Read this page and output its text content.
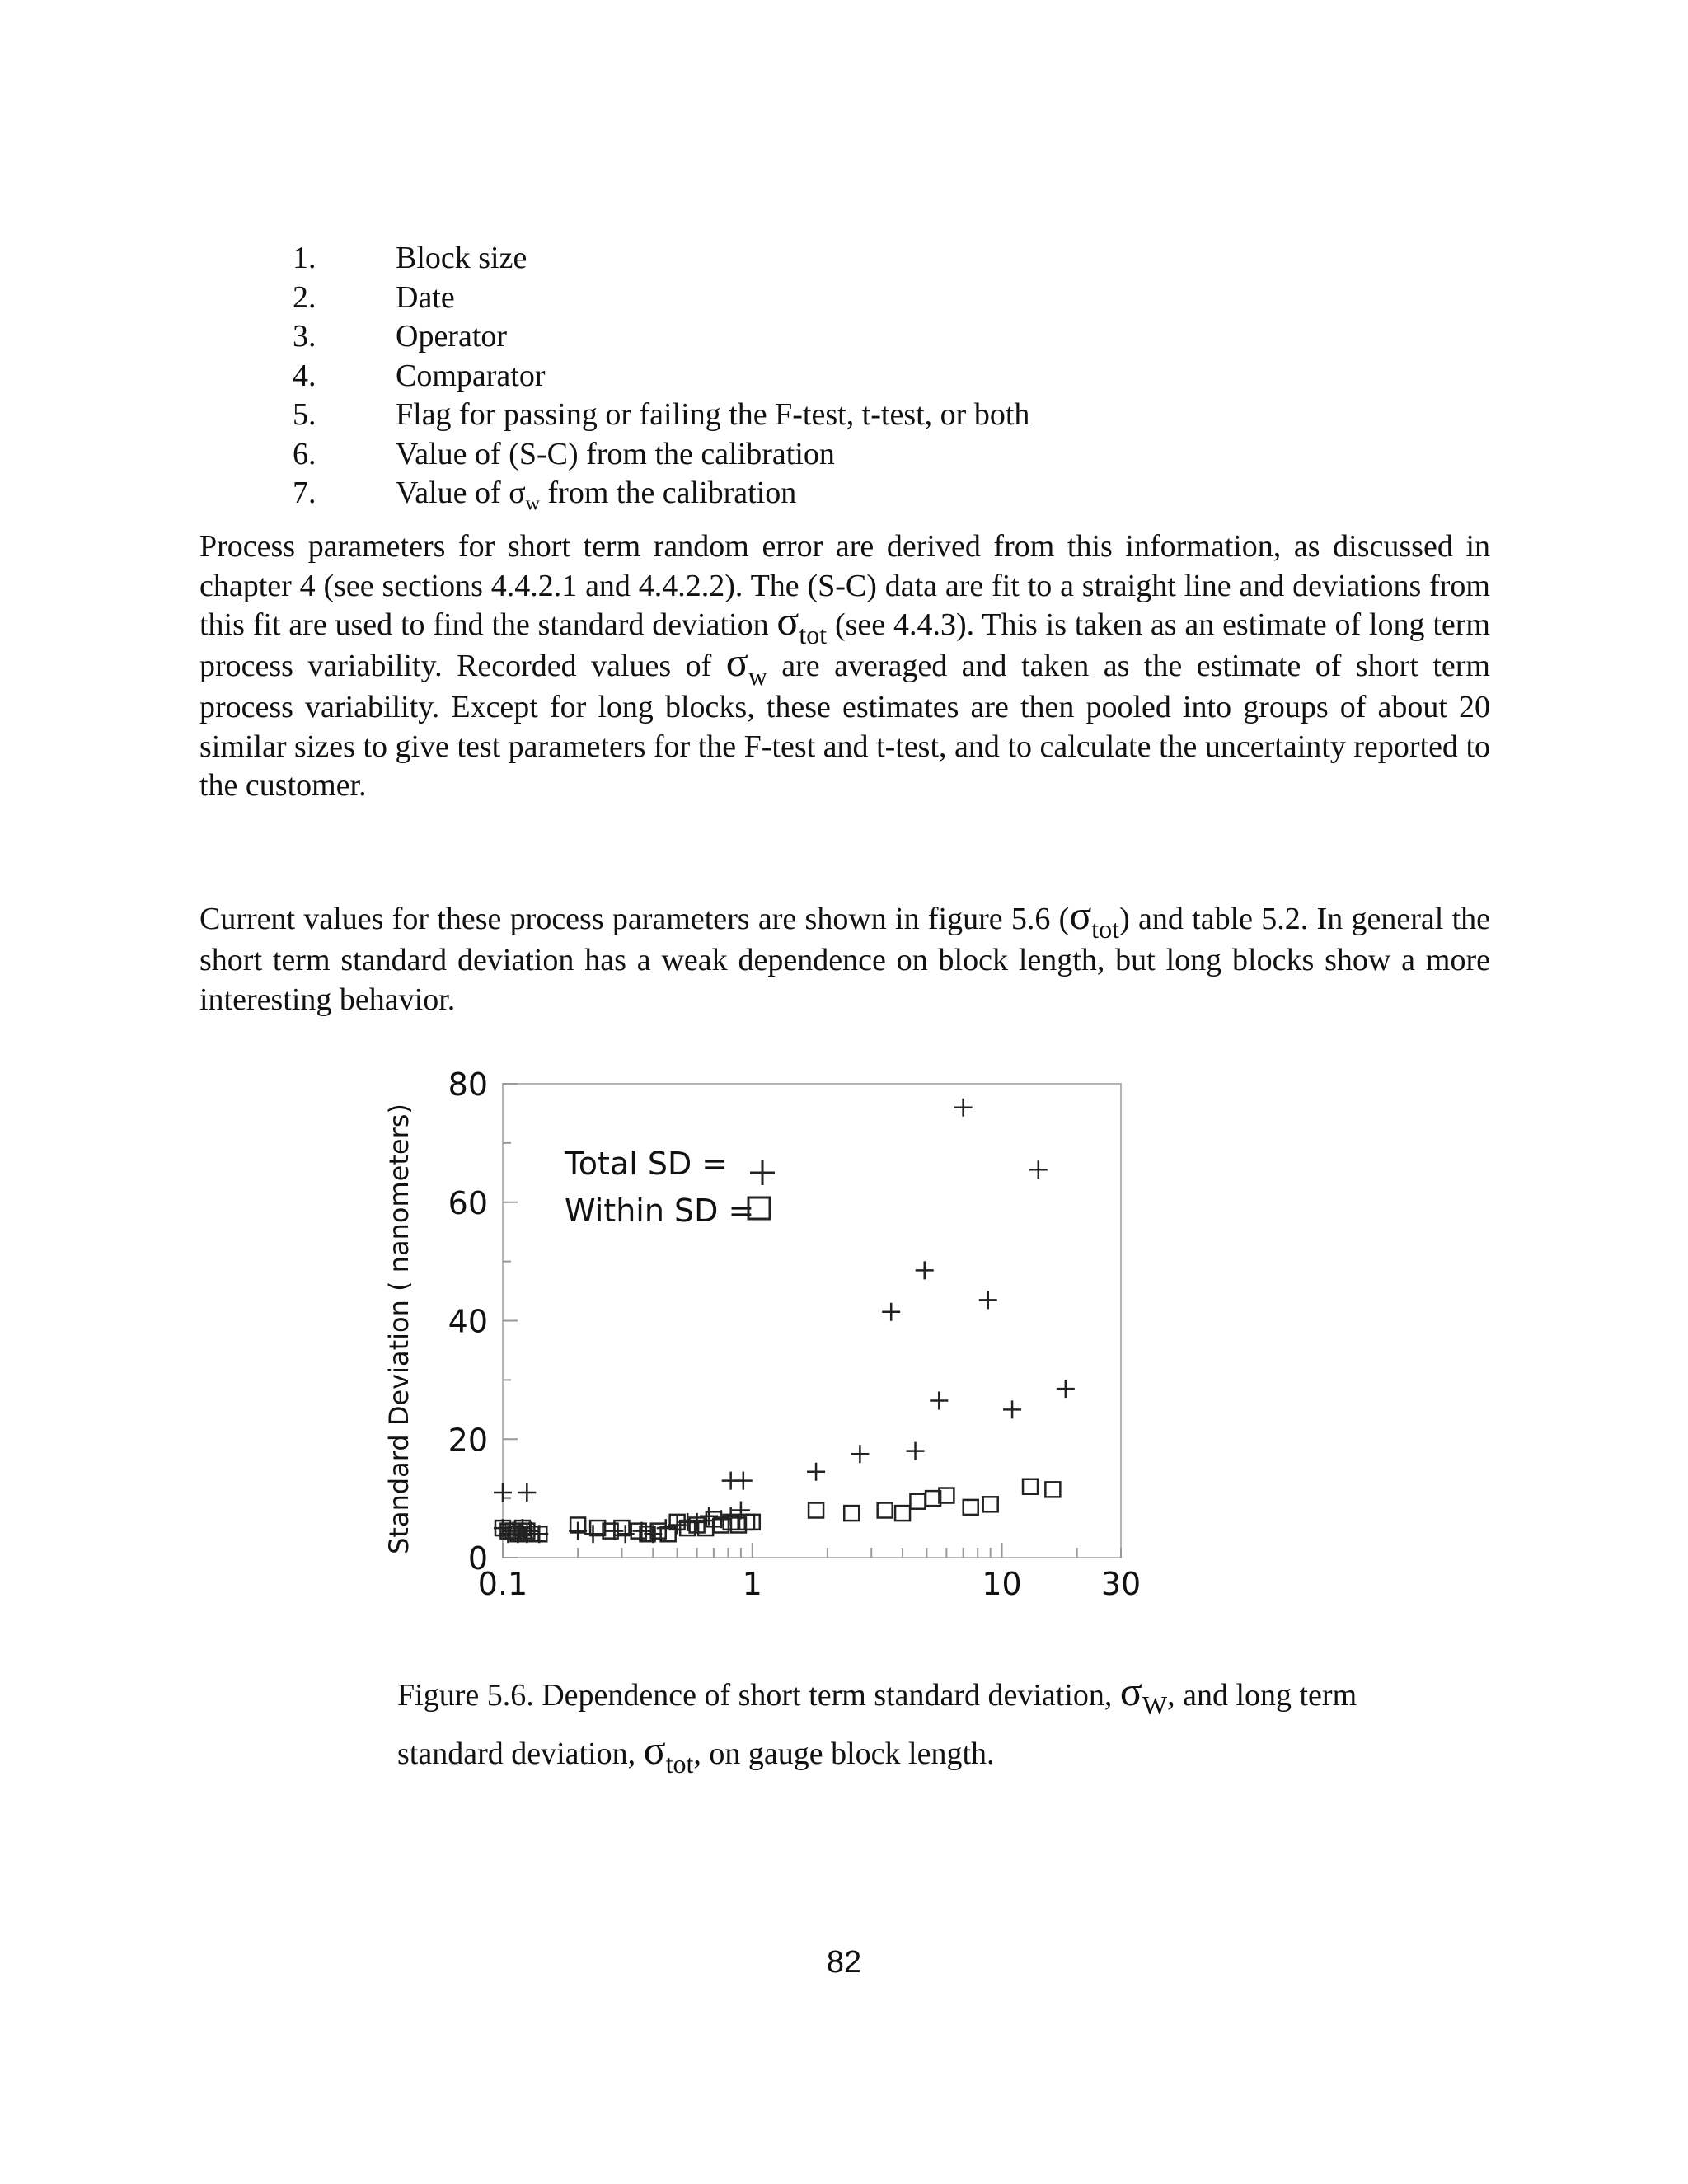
1.	Block size
2.	Date
3.	Operator
4.	Comparator
5.	Flag for passing or failing the F-test, t-test, or both
6.	Value of (S-C) from the calibration
7.	Value of $\sigma_w$ from the calibration

Process parameters for short term random error are derived from this information, as discussed in chapter 4 (see sections 4.4.2.1 and 4.4.2.2). The (S-C) data are fit to a straight line and deviations from this fit are used to find the standard deviation $\sigma_{tot}$ (see 4.4.3). This is taken as an estimate of long term process variability. Recorded values of $\sigma_w$ are averaged and taken as the estimate of short term process variability. Except for long blocks, these estimates are then pooled into groups of about 20 similar sizes to give test parameters for the F-test and t-test, and to calculate the uncertainty reported to the customer.

Current values for these process parameters are shown in figure 5.6 $(\sigma_{tot})$ and table 5.2. In general the short term standard deviation has a weak dependence on block length, but long blocks show a more interesting behavior.

0
20
40
60
80
0.1	1	10	30
Standard Deviation ( nanometers)	Total SD =
Within SD =
Figure 5.6. Dependence of short term standard deviation, $\sigma_W$, and long term standard deviation, $\sigma_{tot}$, on gauge block length.
82
